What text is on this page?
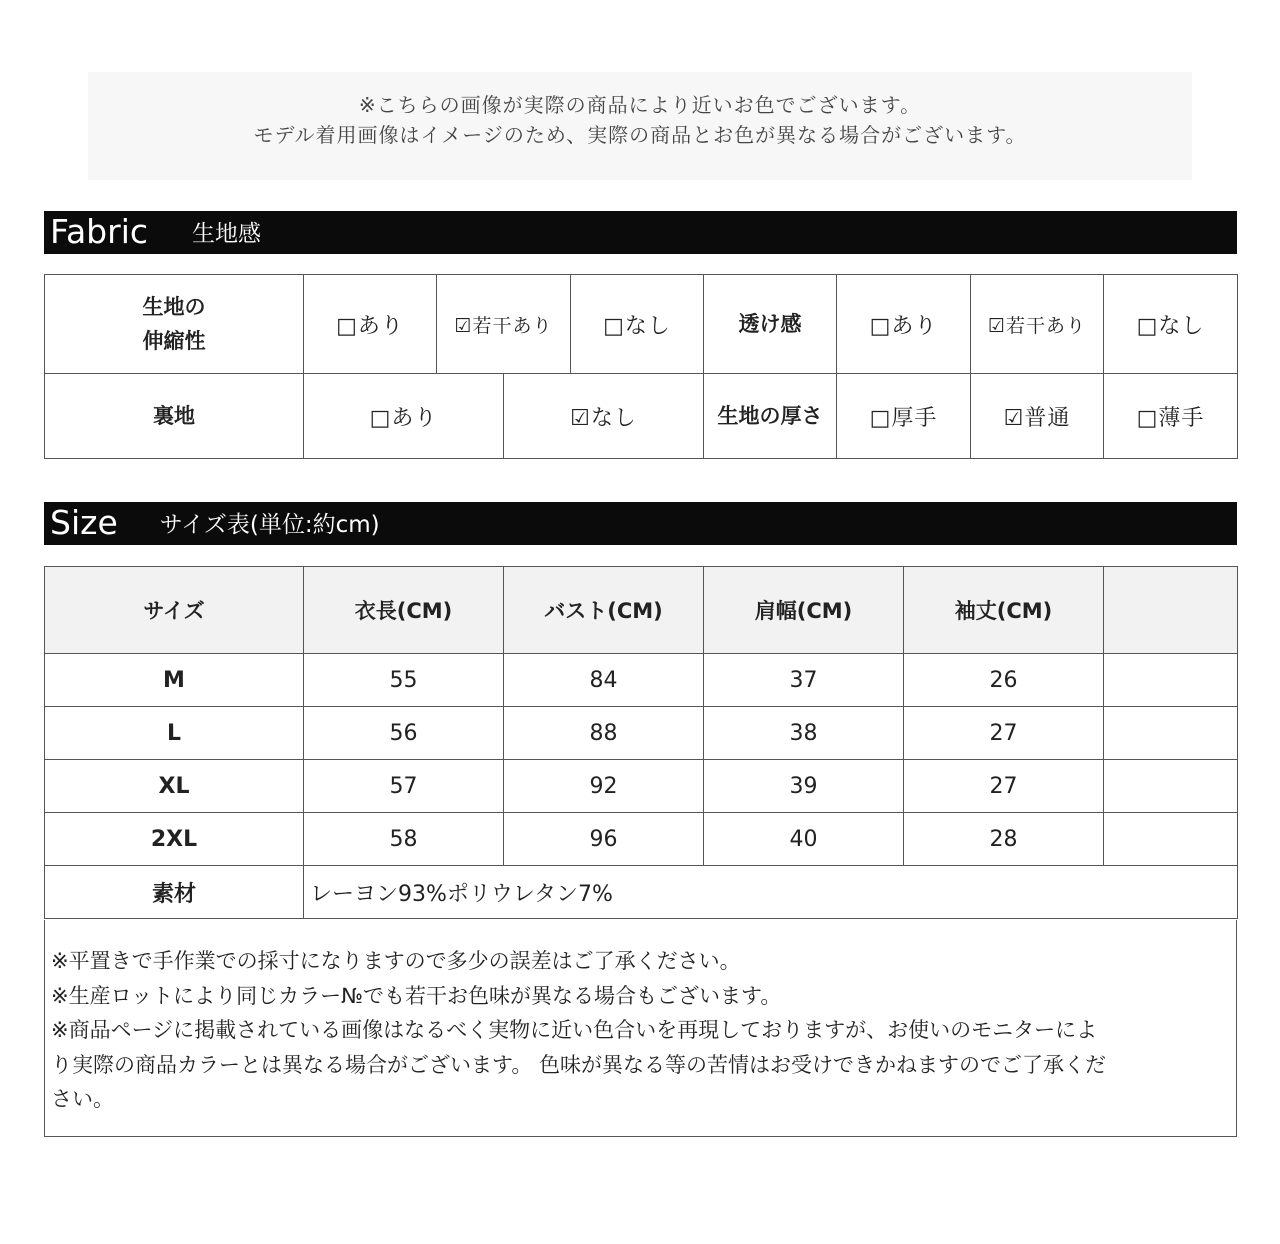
※こちらの画像が実際の商品により近いお色でございます。
モデル着用画像はイメージのため、実際の商品とお色が異なる場合がございます。
Fabric 生地感
生地の
伸縮性	□あり	☑若干あり		□なし	透け感	□あり	☑若干あり	□なし
裏地	□あり		☑なし		生地の厚さ	□厚手	☑普通	□薄手
Size サイズ表(単位:約cm)
サイズ	衣長(CM)	バスト(CM)	肩幅(CM)	袖丈(CM)	
M	55	84	37	26	
L	56	88	38	27	
XL	57	92	39	27	
2XL	58	96	40	28	
素材	レーヨン93%ポリウレタン7%				

※平置きで手作業での採寸になりますので多少の誤差はご了承ください。

※生産ロットにより同じカラー№でも若干お色味が異なる場合もございます。

※商品ページに掲載されている画像はなるべく実物に近い色合いを再現しておりますが、お使いのモニターによ

り実際の商品カラーとは異なる場合がございます。 色味が異なる等の苦情はお受けできかねますのでご了承くだ

さい。
